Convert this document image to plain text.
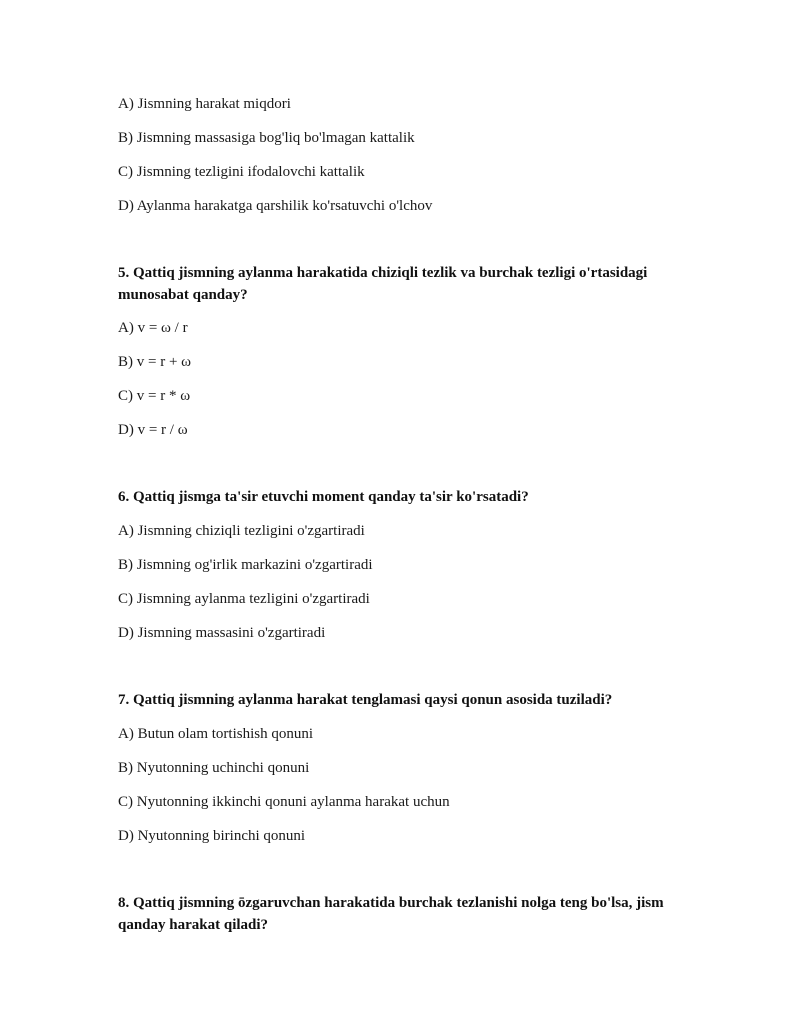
A) Jismning harakat miqdori
B) Jismning massasiga bog'liq bo'lmagan kattalik
C) Jismning tezligini ifodalovchi kattalik
D) Aylanma harakatga qarshilik ko'rsatuvchi o'lchov
5. Qattiq jismning aylanma harakatida chiziqli tezlik va burchak tezligi o'rtasidagi munosabat qanday?
A) v = ω / r
B) v = r + ω
C) v = r * ω
D) v = r / ω
6. Qattiq jismga ta'sir etuvchi moment qanday ta'sir ko'rsatadi?
A) Jismning chiziqli tezligini o'zgartiradi
B) Jismning og'irlik markazini o'zgartiradi
C) Jismning aylanma tezligini o'zgartiradi
D) Jismning massasini o'zgartiradi
7. Qattiq jismning aylanma harakat tenglamasi qaysi qonun asosida tuziladi?
A) Butun olam tortishish qonuni
B) Nyutonning uchinchi qonuni
C) Nyutonning ikkinchi qonuni aylanma harakat uchun
D) Nyutonning birinchi qonuni
8. Qattiq jismning ōzgaruvchan harakatida burchak tezlanishi nolga teng bo'lsa, jism qanday harakat qiladi?
